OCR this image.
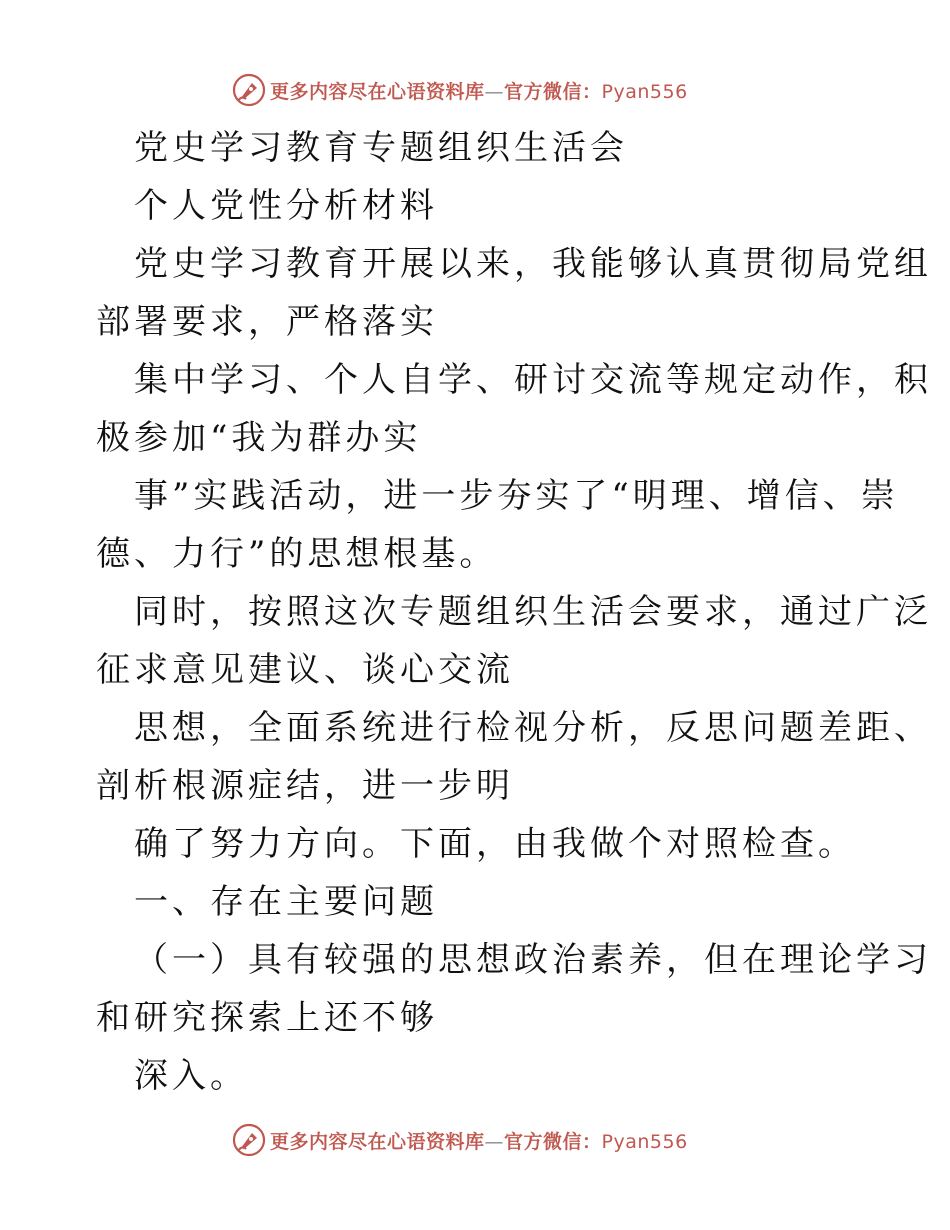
更多内容尽在心语资料库—官方微信：Pyan556
党史学习教育专题组织生活会
个人党性分析材料
党史学习教育开展以来，我能够认真贯彻局党组
部署要求，严格落实
集中学习、个人自学、研讨交流等规定动作，积
极参加“我为群办实
事”实践活动，进一步夯实了“明理、增信、崇
德、力行”的思想根基。
同时，按照这次专题组织生活会要求，通过广泛
征求意见建议、谈心交流
思想，全面系统进行检视分析，反思问题差距、
剖析根源症结，进一步明
确了努力方向。下面，由我做个对照检查。
一、存在主要问题
（一）具有较强的思想政治素养，但在理论学习
和研究探索上还不够
深入。
更多内容尽在心语资料库—官方微信：Pyan556
